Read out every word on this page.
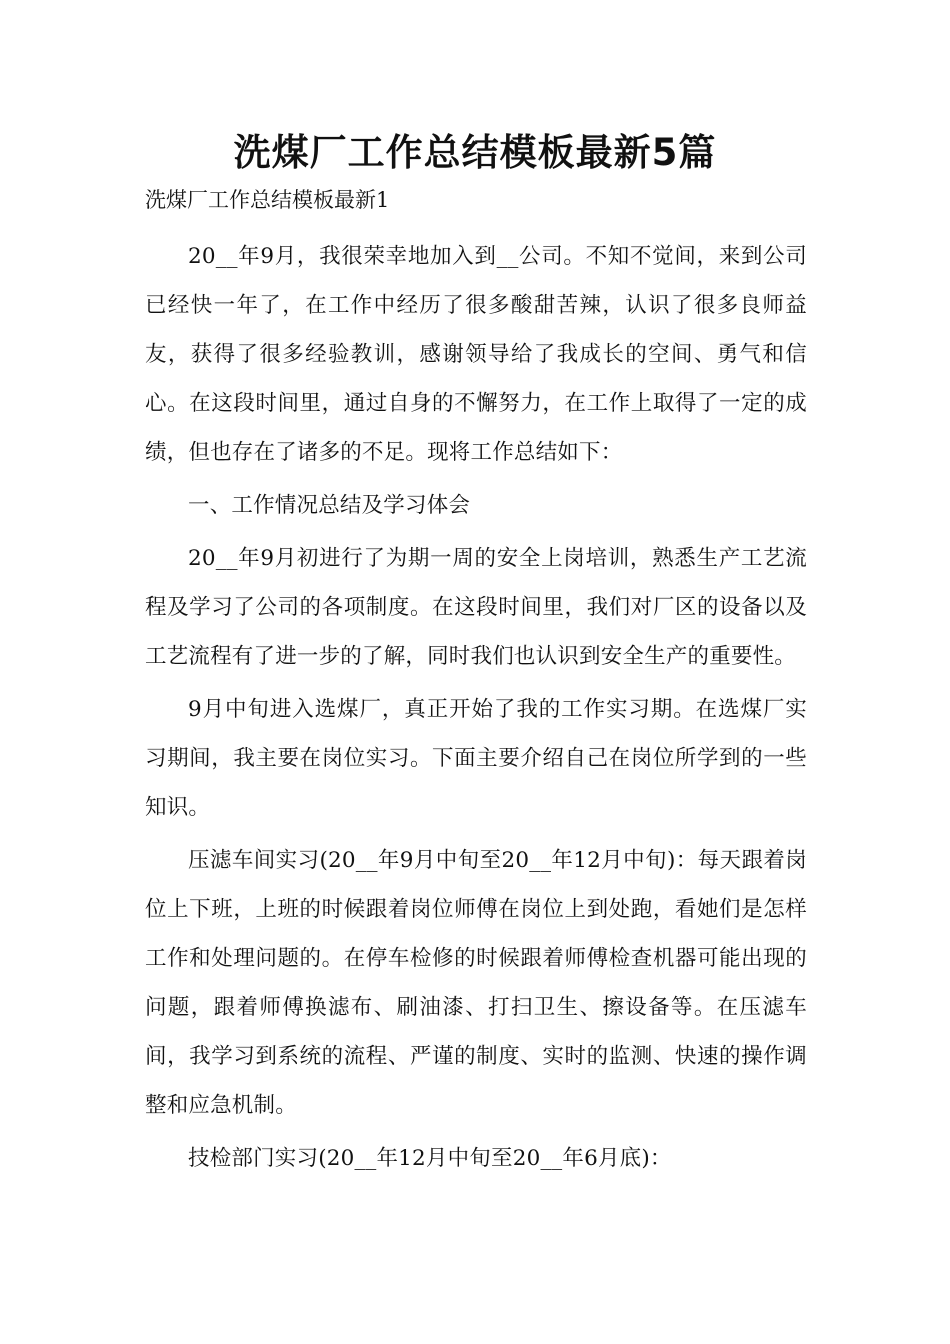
洗煤厂工作总结模板最新5篇

洗煤厂工作总结模板最新1

20__年9月，我很荣幸地加入到__公司。不知不觉间，来到公司已经快一年了，在工作中经历了很多酸甜苦辣，认识了很多良师益友，获得了很多经验教训，感谢领导给了我成长的空间、勇气和信心。在这段时间里，通过自身的不懈努力，在工作上取得了一定的成绩，但也存在了诸多的不足。现将工作总结如下：

一、工作情况总结及学习体会

20__年9月初进行了为期一周的安全上岗培训，熟悉生产工艺流程及学习了公司的各项制度。在这段时间里，我们对厂区的设备以及工艺流程有了进一步的了解，同时我们也认识到安全生产的重要性。

9月中旬进入选煤厂，真正开始了我的工作实习期。在选煤厂实习期间，我主要在岗位实习。下面主要介绍自己在岗位所学到的一些知识。

压滤车间实习(20__年9月中旬至20__年12月中旬)：每天跟着岗位上下班，上班的时候跟着岗位师傅在岗位上到处跑，看她们是怎样工作和处理问题的。在停车检修的时候跟着师傅检查机器可能出现的问题，跟着师傅换滤布、刷油漆、打扫卫生、擦设备等。在压滤车间，我学习到系统的流程、严谨的制度、实时的监测、快速的操作调整和应急机制。

技检部门实习(20__年12月中旬至20__年6月底)：
